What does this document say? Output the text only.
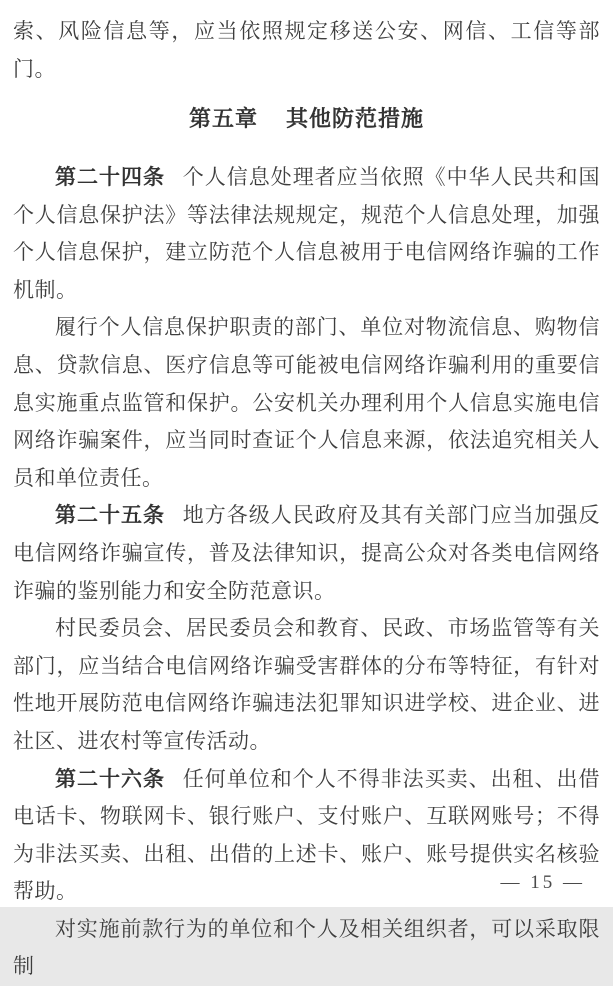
索、风险信息等，应当依照规定移送公安、网信、工信等部门。

第五章 其他防范措施

第二十四条 个人信息处理者应当依照《中华人民共和国个人信息保护法》等法律法规规定，规范个人信息处理，加强个人信息保护，建立防范个人信息被用于电信网络诈骗的工作机制。

履行个人信息保护职责的部门、单位对物流信息、购物信息、贷款信息、医疗信息等可能被电信网络诈骗利用的重要信息实施重点监管和保护。公安机关办理利用个人信息实施电信网络诈骗案件，应当同时查证个人信息来源，依法追究相关人员和单位责任。

第二十五条 地方各级人民政府及其有关部门应当加强反电信网络诈骗宣传，普及法律知识，提高公众对各类电信网络诈骗的鉴别能力和安全防范意识。

村民委员会、居民委员会和教育、民政、市场监管等有关部门，应当结合电信网络诈骗受害群体的分布等特征，有针对性地开展防范电信网络诈骗违法犯罪知识进学校、进企业、进社区、进农村等宣传活动。

第二十六条 任何单位和个人不得非法买卖、出租、出借电话卡、物联网卡、银行账户、支付账户、互联网账号；不得为非法买卖、出租、出借的上述卡、账户、账号提供实名核验帮助。

对实施前款行为的单位和个人及相关组织者，可以采取限制

— 15 —
